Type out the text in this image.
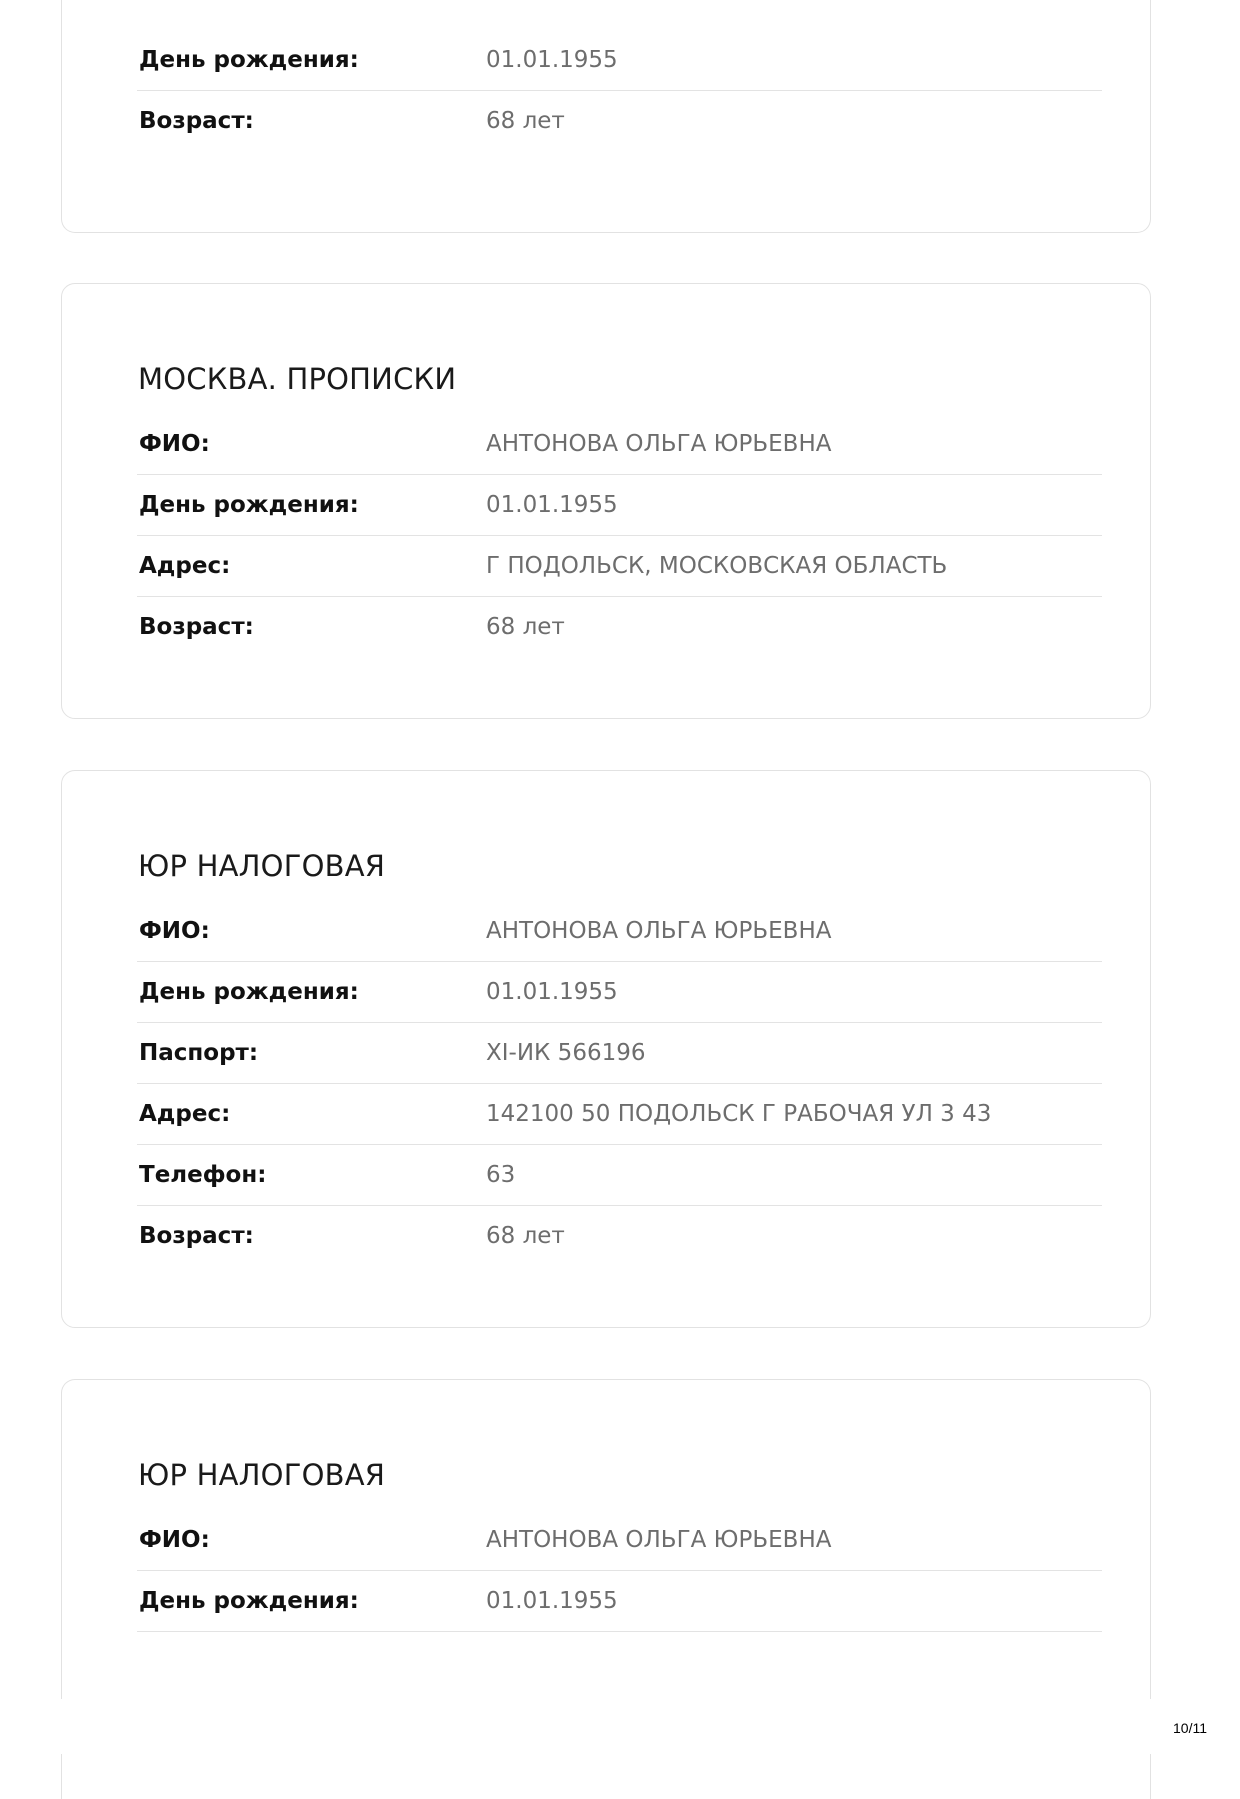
День рождения:	01.01.1955
Возраст:	68 лет
МОСКВА. ПРОПИСКИ
ФИО:	АНТОНОВА ОЛЬГА ЮРЬЕВНА
День рождения:	01.01.1955
Адрес:	Г ПОДОЛЬСК, МОСКОВСКАЯ ОБЛАСТЬ
Возраст:	68 лет
ЮР НАЛОГОВАЯ
ФИО:	АНТОНОВА ОЛЬГА ЮРЬЕВНА
День рождения:	01.01.1955
Паспорт:	XI-ИК 566196
Адрес:	142100 50 ПОДОЛЬСК Г РАБОЧАЯ УЛ 3 43
Телефон:	63
Возраст:	68 лет
ЮР НАЛОГОВАЯ
ФИО:	АНТОНОВА ОЛЬГА ЮРЬЕВНА
День рождения:	01.01.1955
10/11
